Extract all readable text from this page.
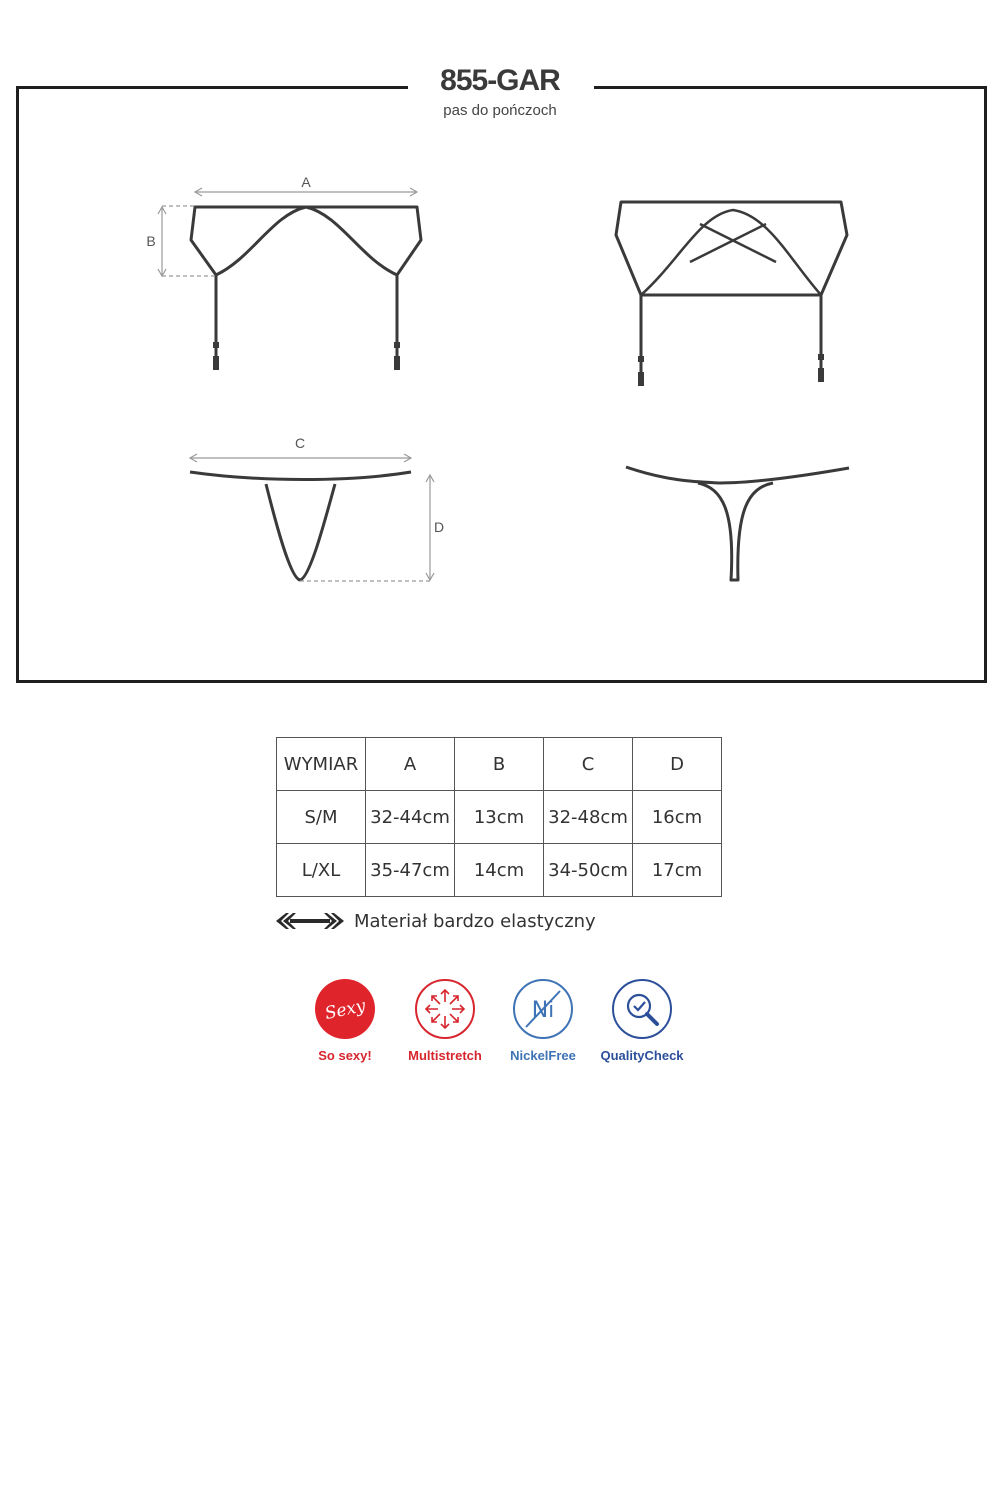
855-GAR
pas do pończoch
A
B
C
D
WYMIAR	A	B	C	D
S/M	32-44cm	13cm	32-48cm	16cm
L/XL	35-47cm	14cm	34-50cm	17cm
Materiał bardzo elastyczny
Sexy
So sexy!	Multistretch
Ni
NickelFree	QualityCheck
